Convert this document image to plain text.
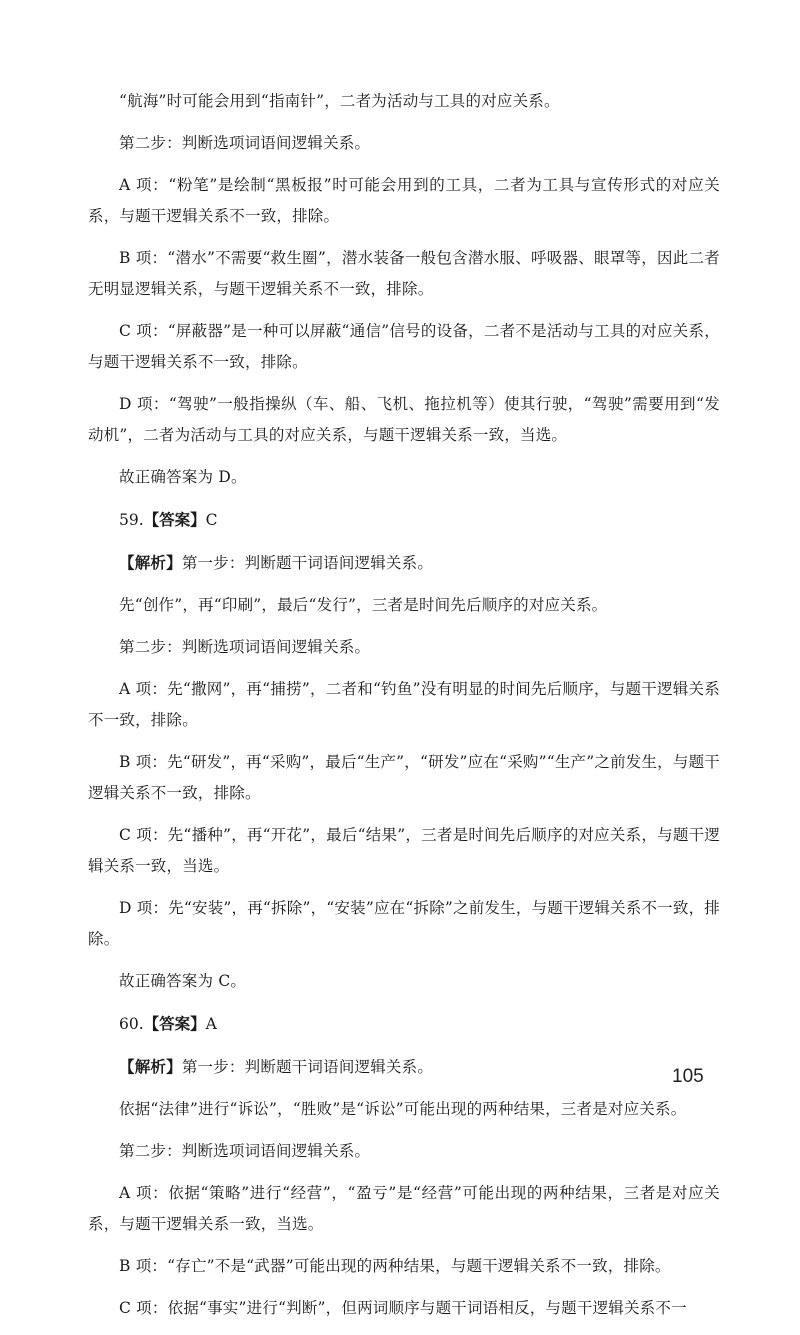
“航海”时可能会用到“指南针”，二者为活动与工具的对应关系。

第二步：判断选项词语间逻辑关系。

A 项：“粉笔”是绘制“黑板报”时可能会用到的工具，二者为工具与宣传形式的对应关系，与题干逻辑关系不一致，排除。

B 项：“潜水”不需要“救生圈”，潜水装备一般包含潜水服、呼吸器、眼罩等，因此二者无明显逻辑关系，与题干逻辑关系不一致，排除。

C 项：“屏蔽器”是一种可以屏蔽“通信”信号的设备，二者不是活动与工具的对应关系，与题干逻辑关系不一致，排除。

D 项：“驾驶”一般指操纵（车、船、飞机、拖拉机等）使其行驶，“驾驶”需要用到“发动机”，二者为活动与工具的对应关系，与题干逻辑关系一致，当选。

故正确答案为 D。

59.【答案】C

【解析】第一步：判断题干词语间逻辑关系。

先“创作”，再“印刷”，最后“发行”，三者是时间先后顺序的对应关系。

第二步：判断选项词语间逻辑关系。

A 项：先“撒网”，再“捕捞”，二者和“钓鱼”没有明显的时间先后顺序，与题干逻辑关系不一致，排除。

B 项：先“研发”，再“采购”，最后“生产”，“研发”应在“采购”“生产”之前发生，与题干逻辑关系不一致，排除。

C 项：先“播种”，再“开花”，最后“结果”，三者是时间先后顺序的对应关系，与题干逻辑关系一致，当选。

D 项：先“安装”，再“拆除”，“安装”应在“拆除”之前发生，与题干逻辑关系不一致，排除。

故正确答案为 C。

60.【答案】A

【解析】第一步：判断题干词语间逻辑关系。

依据“法律”进行“诉讼”，“胜败”是“诉讼”可能出现的两种结果，三者是对应关系。

第二步：判断选项词语间逻辑关系。

A 项：依据“策略”进行“经营”，“盈亏”是“经营”可能出现的两种结果，三者是对应关系，与题干逻辑关系一致，当选。

B 项：“存亡”不是“武器”可能出现的两种结果，与题干逻辑关系不一致，排除。

C 项：依据“事实”进行“判断”，但两词顺序与题干词语相反，与题干逻辑关系不一

105
